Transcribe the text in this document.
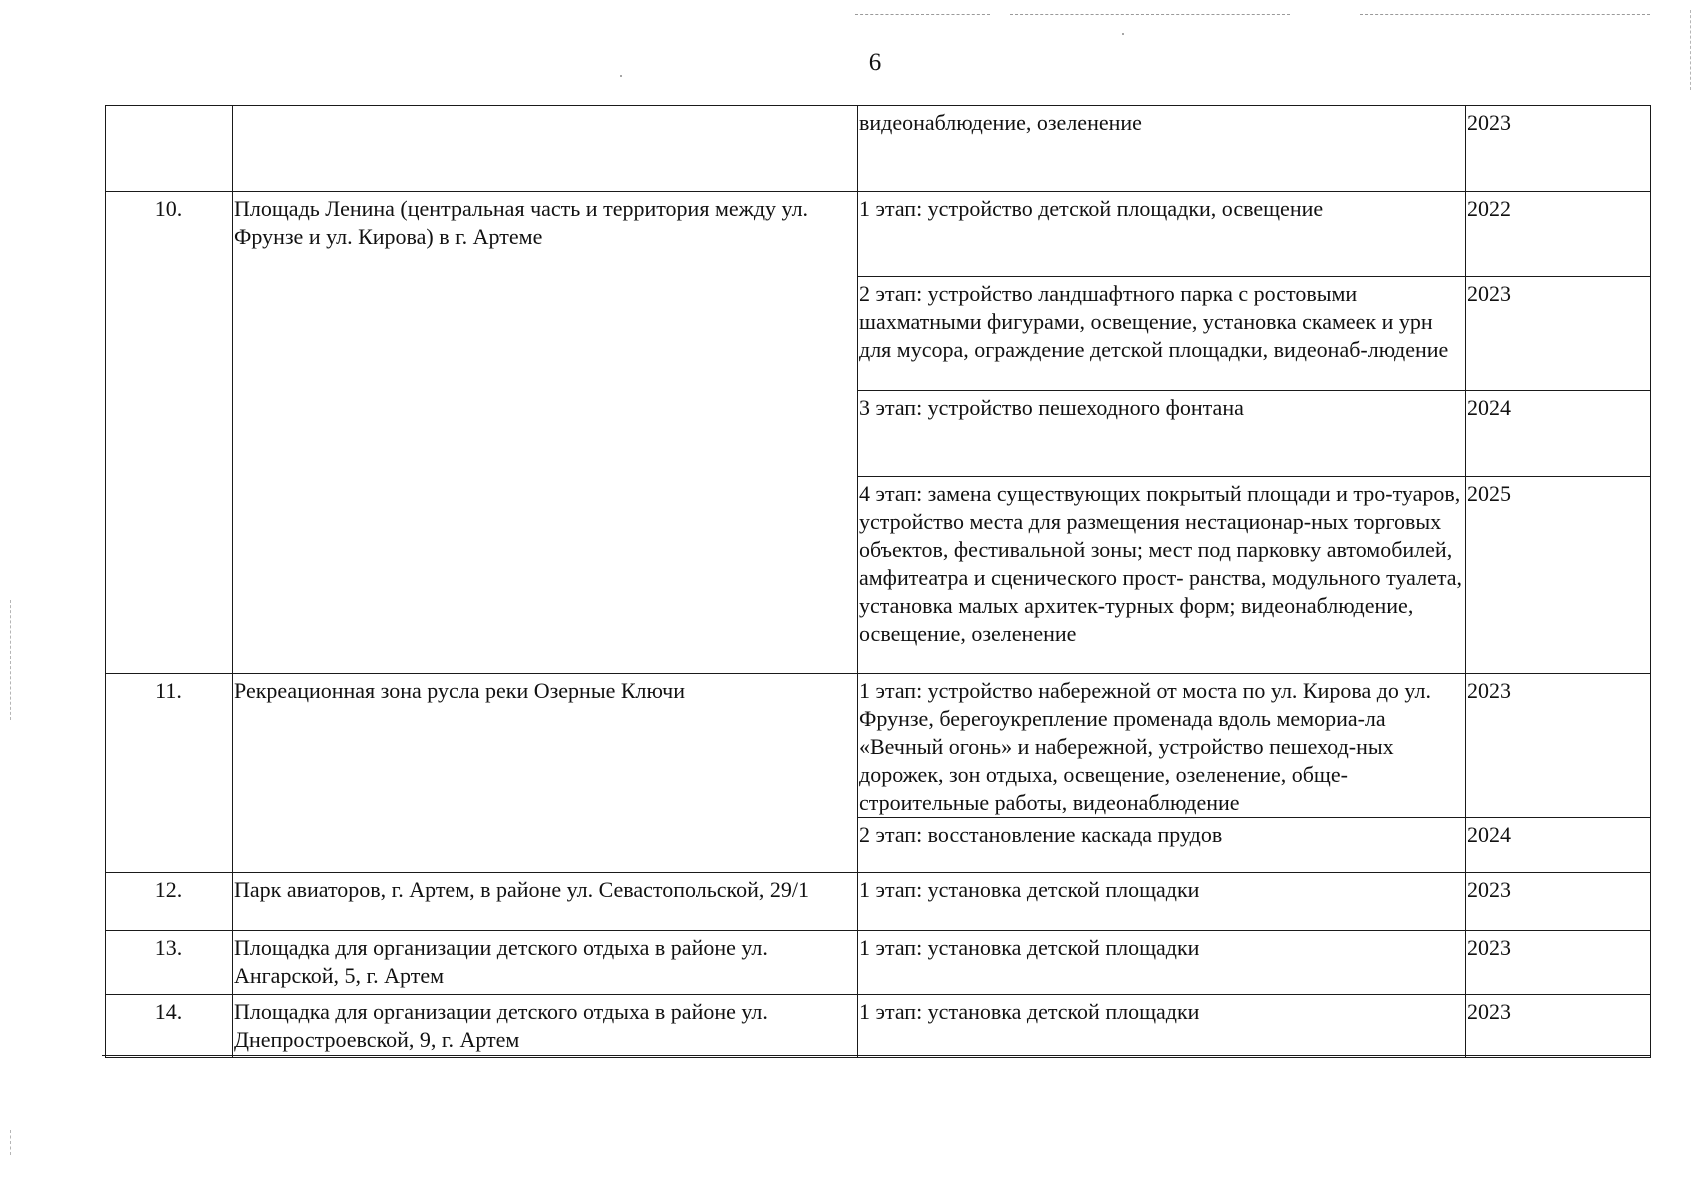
6
		видеонаблюдение, озеленение	2023
10.	Площадь Ленина (центральная часть и территория между ул. Фрунзе и ул. Кирова) в г. Артеме	1 этап: устройство детской площадки, освещение	2022
		2 этап: устройство ландшафтного парка с ростовыми шахматными фигурами, освещение, установка скамеек и урн для мусора, ограждение детской площадки, видеонаб-людение	2023
		3 этап: устройство пешеходного фонтана	2024
		4 этап: замена существующих покрытый площади и тро-туаров, устройство места для размещения нестационар-ных торговых объектов, фестивальной зоны; мест под парковку автомобилей, амфитеатра и сценического прост- ранства, модульного туалета, установка малых архитек-турных форм; видеонаблюдение, освещение, озеленение	2025
11.	Рекреационная зона русла реки Озерные Ключи	1 этап: устройство набережной от моста по ул. Кирова до ул. Фрунзе, берегоукрепление променада вдоль мемориа-ла «Вечный огонь» и набережной, устройство пешеход-ных дорожек, зон отдыха, освещение, озеленение, обще-строительные работы, видеонаблюдение	2023
		2 этап: восстановление каскада прудов	2024
12.	Парк авиаторов, г. Артем, в районе ул. Севастопольской, 29/1	1 этап: установка детской площадки	2023
13.	Площадка для организации детского отдыха в районе ул. Ангарской, 5, г. Артем	1 этап: установка детской площадки	2023
14.	Площадка для организации детского отдыха в районе ул. Днепростроевской, 9, г. Артем	1 этап: установка детской площадки	2023
